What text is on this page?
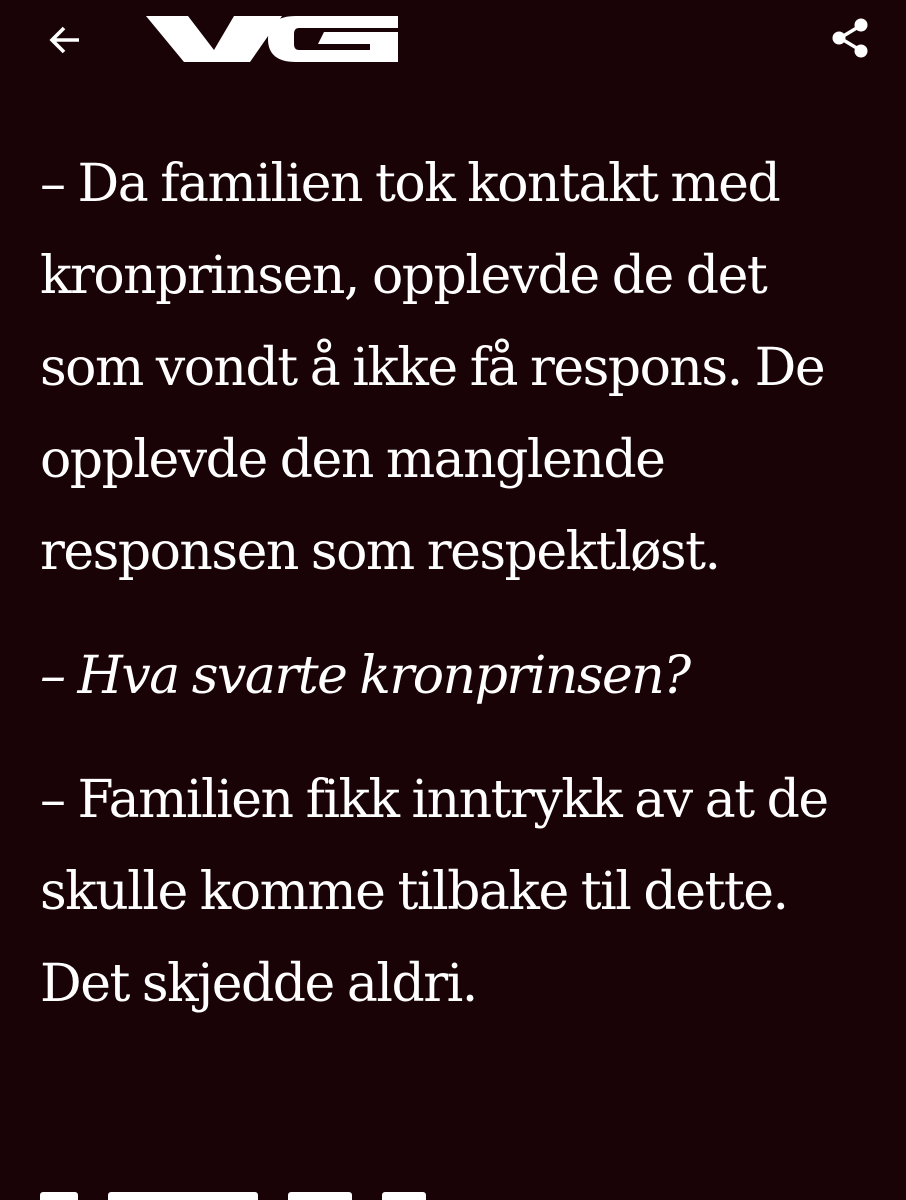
– Da familien tok kontakt med kronprinsen, opplevde de det som vondt å ikke få respons. De opplevde den manglende responsen som respektløst.

– Hva svarte kronprinsen?

– Familien fikk inntrykk av at de skulle komme tilbake til dette. Det skjedde aldri.
